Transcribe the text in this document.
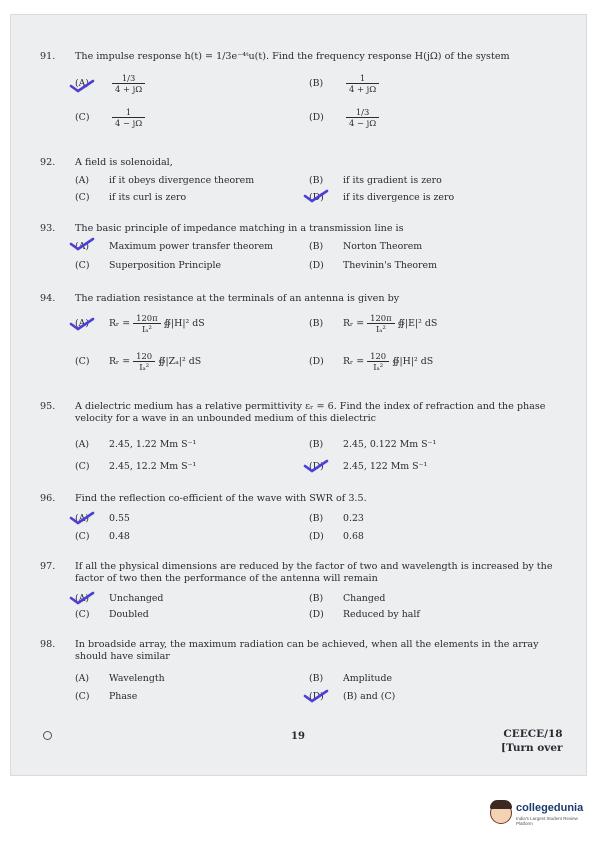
91. The impulse response h(t) = 1/3e⁻⁴ᵗu(t). Find the frequency response H(jΩ) of the system
(A)	$\frac{1/3}{4 + j\Omega}$	(B)	$\frac{1}{4 + j\Omega}$
(C)	$\frac{1}{4 - j\Omega}$	(D)	$\frac{1/3}{4 - j\Omega}$
92. A field is solenoidal,
(A) if it obeys divergence theorem	(B) if its gradient is zero
(C) if its curl is zero	(D) if its divergence is zero
93. The basic principle of impedance matching in a transmission line is
(A) Maximum power transfer theorem	(B) Norton Theorem
(C) Superposition Principle	(D) Thevinin's Theorem
94. The radiation resistance at the terminals of an antenna is given by
(A) Rᵣ = $\frac{120\pi}{\text{Iₐ²}}$ ∯|H|² dS	(B) Rᵣ = $\frac{120\pi}{\text{Iₐ²}}$ ∯|E|² dS
(C) Rᵣ = $\frac{120}{\text{Iₐ²}}$ ∯|Zₐ|² dS	(D) Rᵣ = $\frac{120}{\text{Iₐ²}}$ ∯|H|² dS
95. A dielectric medium has a relative permittivity εᵣ = 6. Find the index of refraction and the phase velocity for a wave in an unbounded medium of this dielectric
(A) 2.45, 1.22 Mm S⁻¹	(B) 2.45, 0.122 Mm S⁻¹
(C) 2.45, 12.2 Mm S⁻¹	(D) 2.45, 122 Mm S⁻¹
96. Find the reflection co-efficient of the wave with SWR of 3.5.
(A) 0.55	(B) 0.23
(C) 0.48	(D) 0.68
97. If all the physical dimensions are reduced by the factor of two and wavelength is increased by the factor of two then the performance of the antenna will remain
(A) Unchanged	(B) Changed
(C) Doubled	(D) Reduced by half
98. In broadside array, the maximum radiation can be achieved, when all the elements in the array should have similar
(A) Wavelength	(B) Amplitude
(C) Phase	(D) (B) and (C)
19	CEECE/18
[Turn over
collegedunia
India's Largest Student Review Platform
